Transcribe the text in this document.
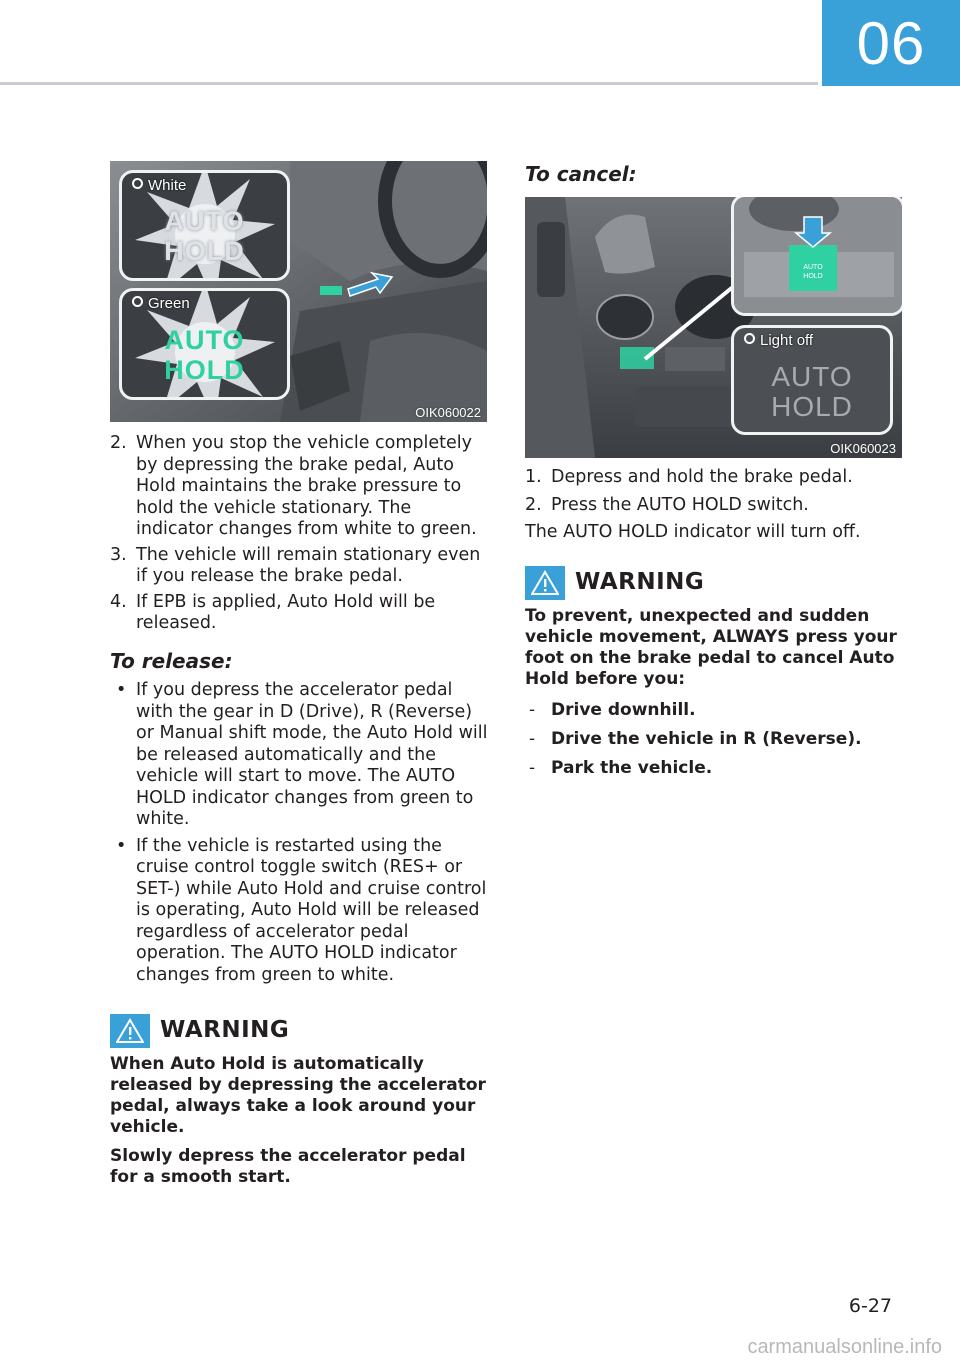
06
White
AUTO
HOLD
Green
AUTO
HOLD
OIK060022
AUTO
HOLD
Light off
AUTO
HOLD
OIK060023
2. When you stop the vehicle completely by depressing the brake pedal, Auto Hold maintains the brake pressure to hold the vehicle stationary. The indicator changes from white to green.
3. The vehicle will remain stationary even if you release the brake pedal.
4. If EPB is applied, Auto Hold will be released.
To release:
• If you depress the accelerator pedal with the gear in D (Drive), R (Reverse) or Manual shift mode, the Auto Hold will be released automatically and the vehicle will start to move. The AUTO HOLD indicator changes from green to white.
• If the vehicle is restarted using the cruise control toggle switch (RES+ or SET-) while Auto Hold and cruise control is operating, Auto Hold will be released regardless of accelerator pedal operation. The AUTO HOLD indicator changes from green to white.
WARNING

When Auto Hold is automatically released by depressing the accelerator pedal, always take a look around your vehicle.

Slowly depress the accelerator pedal for a smooth start.

To cancel:
1. Depress and hold the brake pedal.
2. Press the AUTO HOLD switch.

The AUTO HOLD indicator will turn off.

WARNING

To prevent, unexpected and sudden vehicle movement, ALWAYS press your foot on the brake pedal to cancel Auto Hold before you:

- Drive downhill.
- Drive the vehicle in R (Reverse).
- Park the vehicle.
6-27
carmanualsonline.info
